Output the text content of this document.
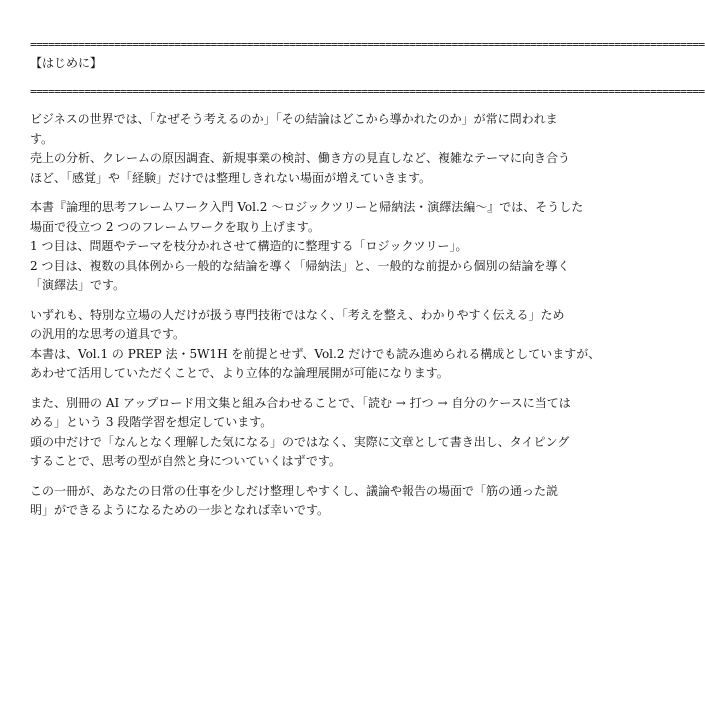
================================================================================================================

【はじめに】

================================================================================================================

ビジネスの世界では、「なぜそう考えるのか」「その結論はどこから導かれたのか」が常に問われま

す。

売上の分析、クレームの原因調査、新規事業の検討、働き方の見直しなど、複雑なテーマに向き合う

ほど、「感覚」や「経験」だけでは整理しきれない場面が増えていきます。

本書『論理的思考フレームワーク入門 Vol.2 〜ロジックツリーと帰納法・演繹法編〜』では、そうした

場面で役立つ 2 つのフレームワークを取り上げます。

1 つ目は、問題やテーマを枝分かれさせて構造的に整理する「ロジックツリー」。

2 つ目は、複数の具体例から一般的な結論を導く「帰納法」と、一般的な前提から個別の結論を導く

「演繹法」です。

いずれも、特別な立場の人だけが扱う専門技術ではなく、「考えを整え、わかりやすく伝える」ため

の汎用的な思考の道具です。

本書は、Vol.1 の PREP 法・5W1H を前提とせず、Vol.2 だけでも読み進められる構成としていますが、

あわせて活用していただくことで、より立体的な論理展開が可能になります。

また、別冊の AI アップロード用文集と組み合わせることで、「読む → 打つ → 自分のケースに当ては

める」という 3 段階学習を想定しています。

頭の中だけで「なんとなく理解した気になる」のではなく、実際に文章として書き出し、タイピング

することで、思考の型が自然と身についていくはずです。

この一冊が、あなたの日常の仕事を少しだけ整理しやすくし、議論や報告の場面で「筋の通った説

明」ができるようになるための一歩となれば幸いです。
